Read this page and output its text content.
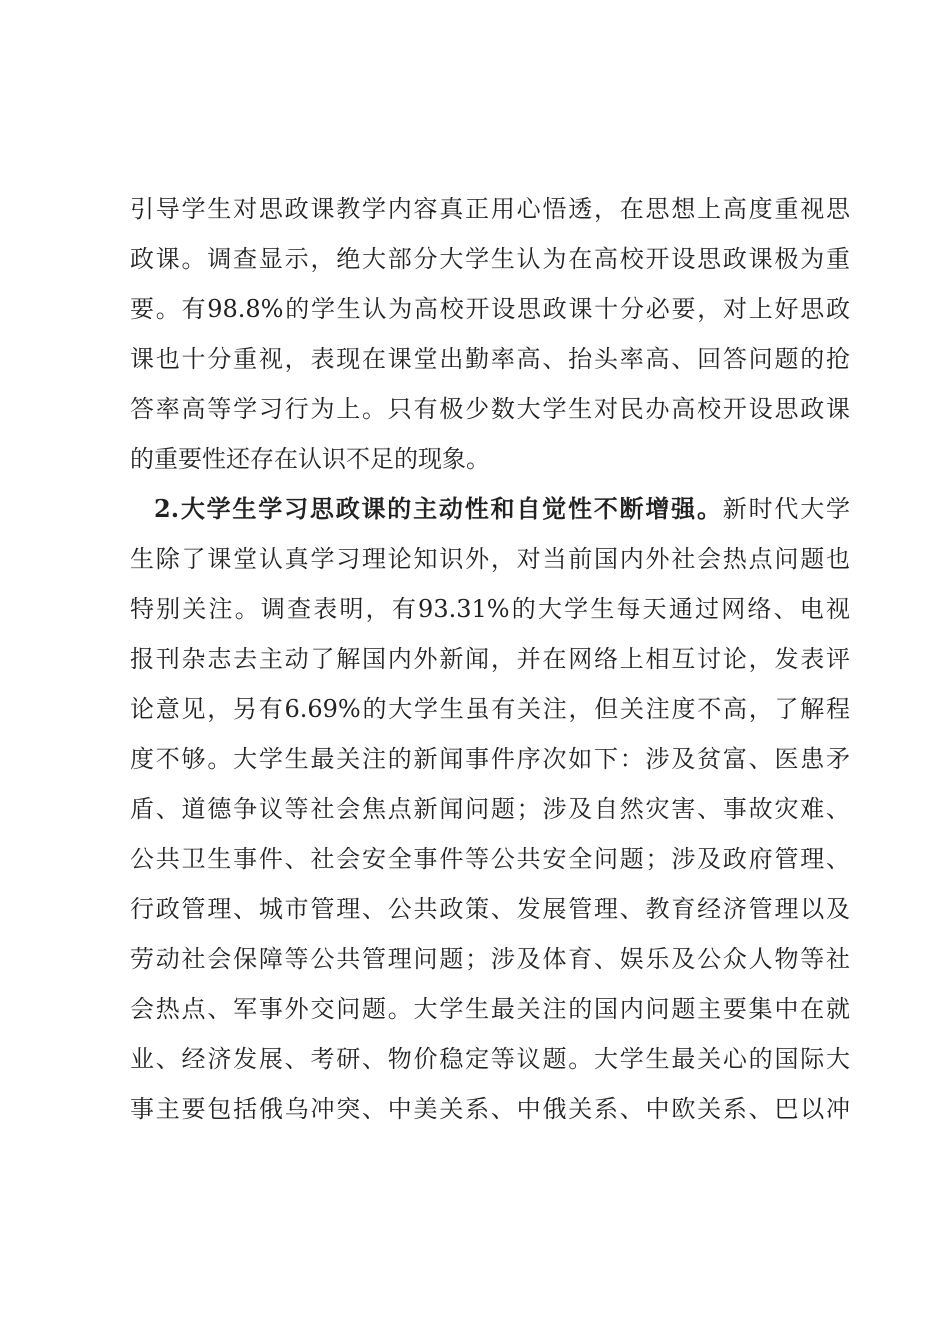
引导学生对思政课教学内容真正用心悟透，在思想上高度重视思
政课。调查显示，绝大部分大学生认为在高校开设思政课极为重
要。有98.8%的学生认为高校开设思政课十分必要，对上好思政
课也十分重视，表现在课堂出勤率高、抬头率高、回答问题的抢
答率高等学习行为上。只有极少数大学生对民办高校开设思政课
的重要性还存在认识不足的现象。
2.大学生学习思政课的主动性和自觉性不断增强。新时代大学
生除了课堂认真学习理论知识外，对当前国内外社会热点问题也
特别关注。调查表明，有93.31%的大学生每天通过网络、电视
报刊杂志去主动了解国内外新闻，并在网络上相互讨论，发表评
论意见，另有6.69%的大学生虽有关注，但关注度不高，了解程
度不够。大学生最关注的新闻事件序次如下：涉及贫富、医患矛
盾、道德争议等社会焦点新闻问题；涉及自然灾害、事故灾难、
公共卫生事件、社会安全事件等公共安全问题；涉及政府管理、
行政管理、城市管理、公共政策、发展管理、教育经济管理以及
劳动社会保障等公共管理问题；涉及体育、娱乐及公众人物等社
会热点、军事外交问题。大学生最关注的国内问题主要集中在就
业、经济发展、考研、物价稳定等议题。大学生最关心的国际大
事主要包括俄乌冲突、中美关系、中俄关系、中欧关系、巴以冲
